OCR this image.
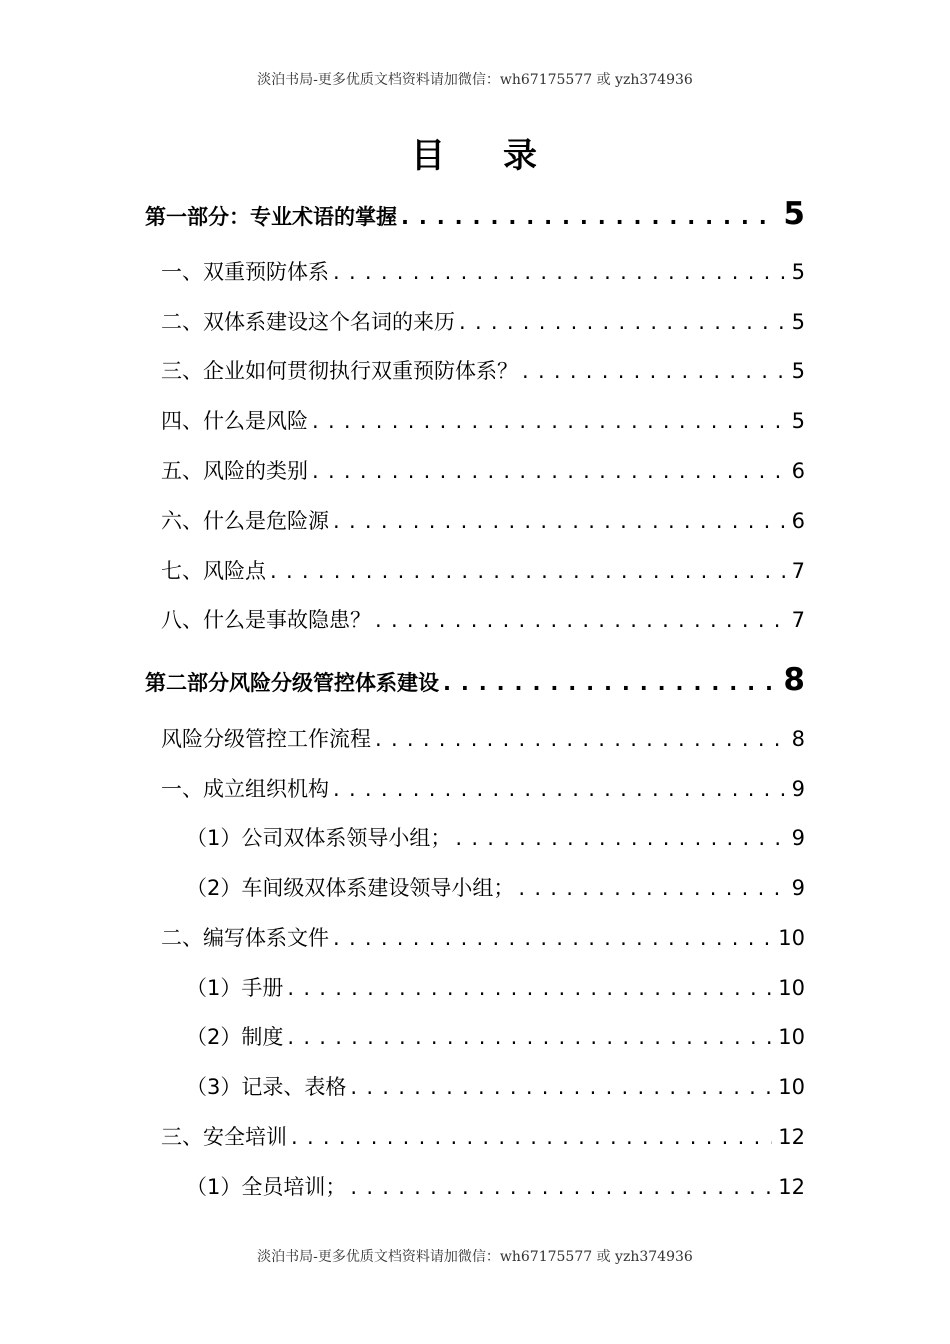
淡泊书局-更多优质文档资料请加微信：wh67175577 或 yzh374936
目 录
第一部分：专业术语的掌握 . . .	5
一、双重预防体系 . . .	5
二、双体系建设这个名词的来历 . . .	5
三、企业如何贯彻执行双重预防体系？ . . .	5
四、什么是风险 . . .	5
五、风险的类别 . . .	6
六、什么是危险源 . . .	6
七、风险点 . . .	7
八、什么是事故隐患？ . . .	7
第二部分风险分级管控体系建设 . . .	8
风险分级管控工作流程 . . .	8
一、成立组织机构 . . .	9
（1）公司双体系领导小组； . . .	9
（2）车间级双体系建设领导小组； . . .	9
二、编写体系文件 . . .	10
（1）手册 . . .	10
（2）制度 . . .	10
（3）记录、表格 . . .	10
三、安全培训 . . .	12
（1）全员培训； . . .	12
淡泊书局-更多优质文档资料请加微信：wh67175577 或 yzh374936
